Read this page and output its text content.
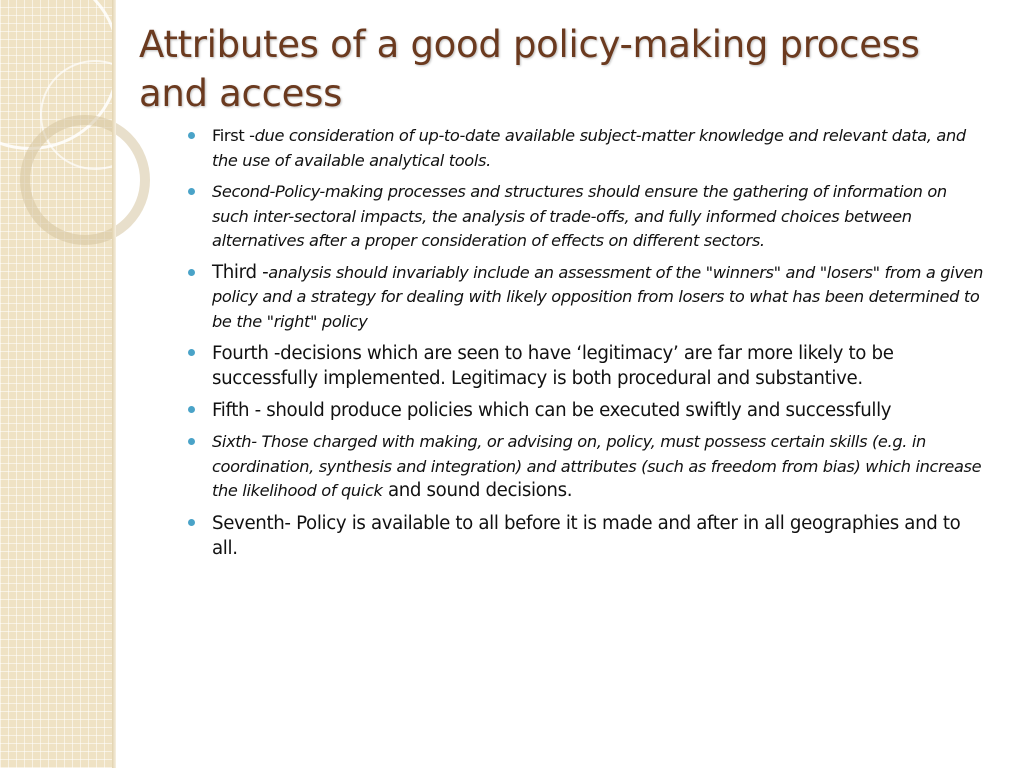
Attributes of a good policy-making process and access
First -due consideration of up-to-date available subject-matter knowledge and relevant data, and the use of available analytical tools.
Second-Policy-making processes and structures should ensure the gathering of information on such inter-sectoral impacts, the analysis of trade-offs, and fully informed choices between alternatives after a proper consideration of effects on different sectors.
Third -analysis should invariably include an assessment of the "winners" and "losers" from a given policy and a strategy for dealing with likely opposition from losers to what has been determined to be the "right" policy
Fourth -decisions which are seen to have ‘legitimacy’ are far more likely to be successfully implemented. Legitimacy is both procedural and substantive.
Fifth - should produce policies which can be executed swiftly and successfully
Sixth- Those charged with making, or advising on, policy, must possess certain skills (e.g. in coordination, synthesis and integration) and attributes (such as freedom from bias) which increase the likelihood of quick and sound decisions.
Seventh- Policy is available to all before it is made and after in all geographies and to all.
